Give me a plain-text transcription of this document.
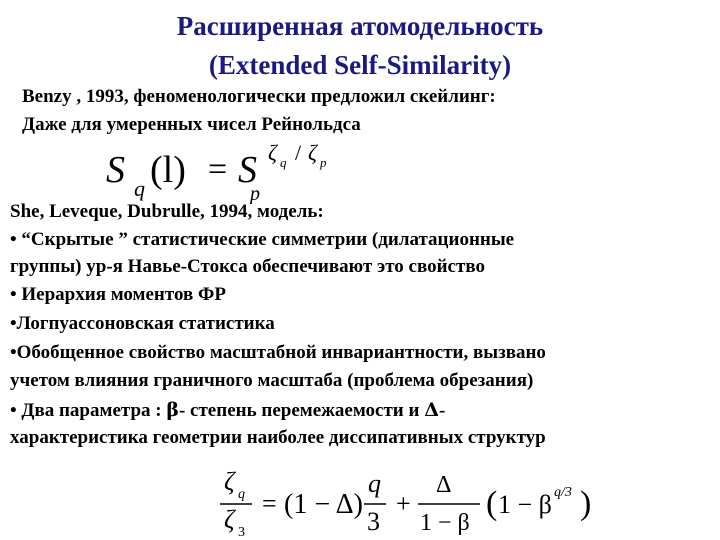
Расширенная атомодельность
(Extended Self-Similarity)

Benzy , 1993, феноменологически предложил скейлинг:

Даже для умеренных чисел Рейнольдса

S q (l) = S
p
ζ q / ζ p

She, Leveque, Dubrulle, 1994, модель:

• “Скрытые ” статистические симметрии (дилатационные

группы) ур-я Навье-Стокса обеспечивают это свойство

• Иерархия моментов ФР

•Логпуассоновская статистика

•Обобщенное свойство масштабной инвариантности, вызвано

учетом влияния граничного масштаба (проблема обрезания)

• Два параметра : β- степень перемежаемости и Δ-

характеристика геометрии наиболее диссипативных структур

ζ q
ζ 3
= (1 − Δ)
q
3
+
Δ
1 − β
( 1 − β q/3 )
